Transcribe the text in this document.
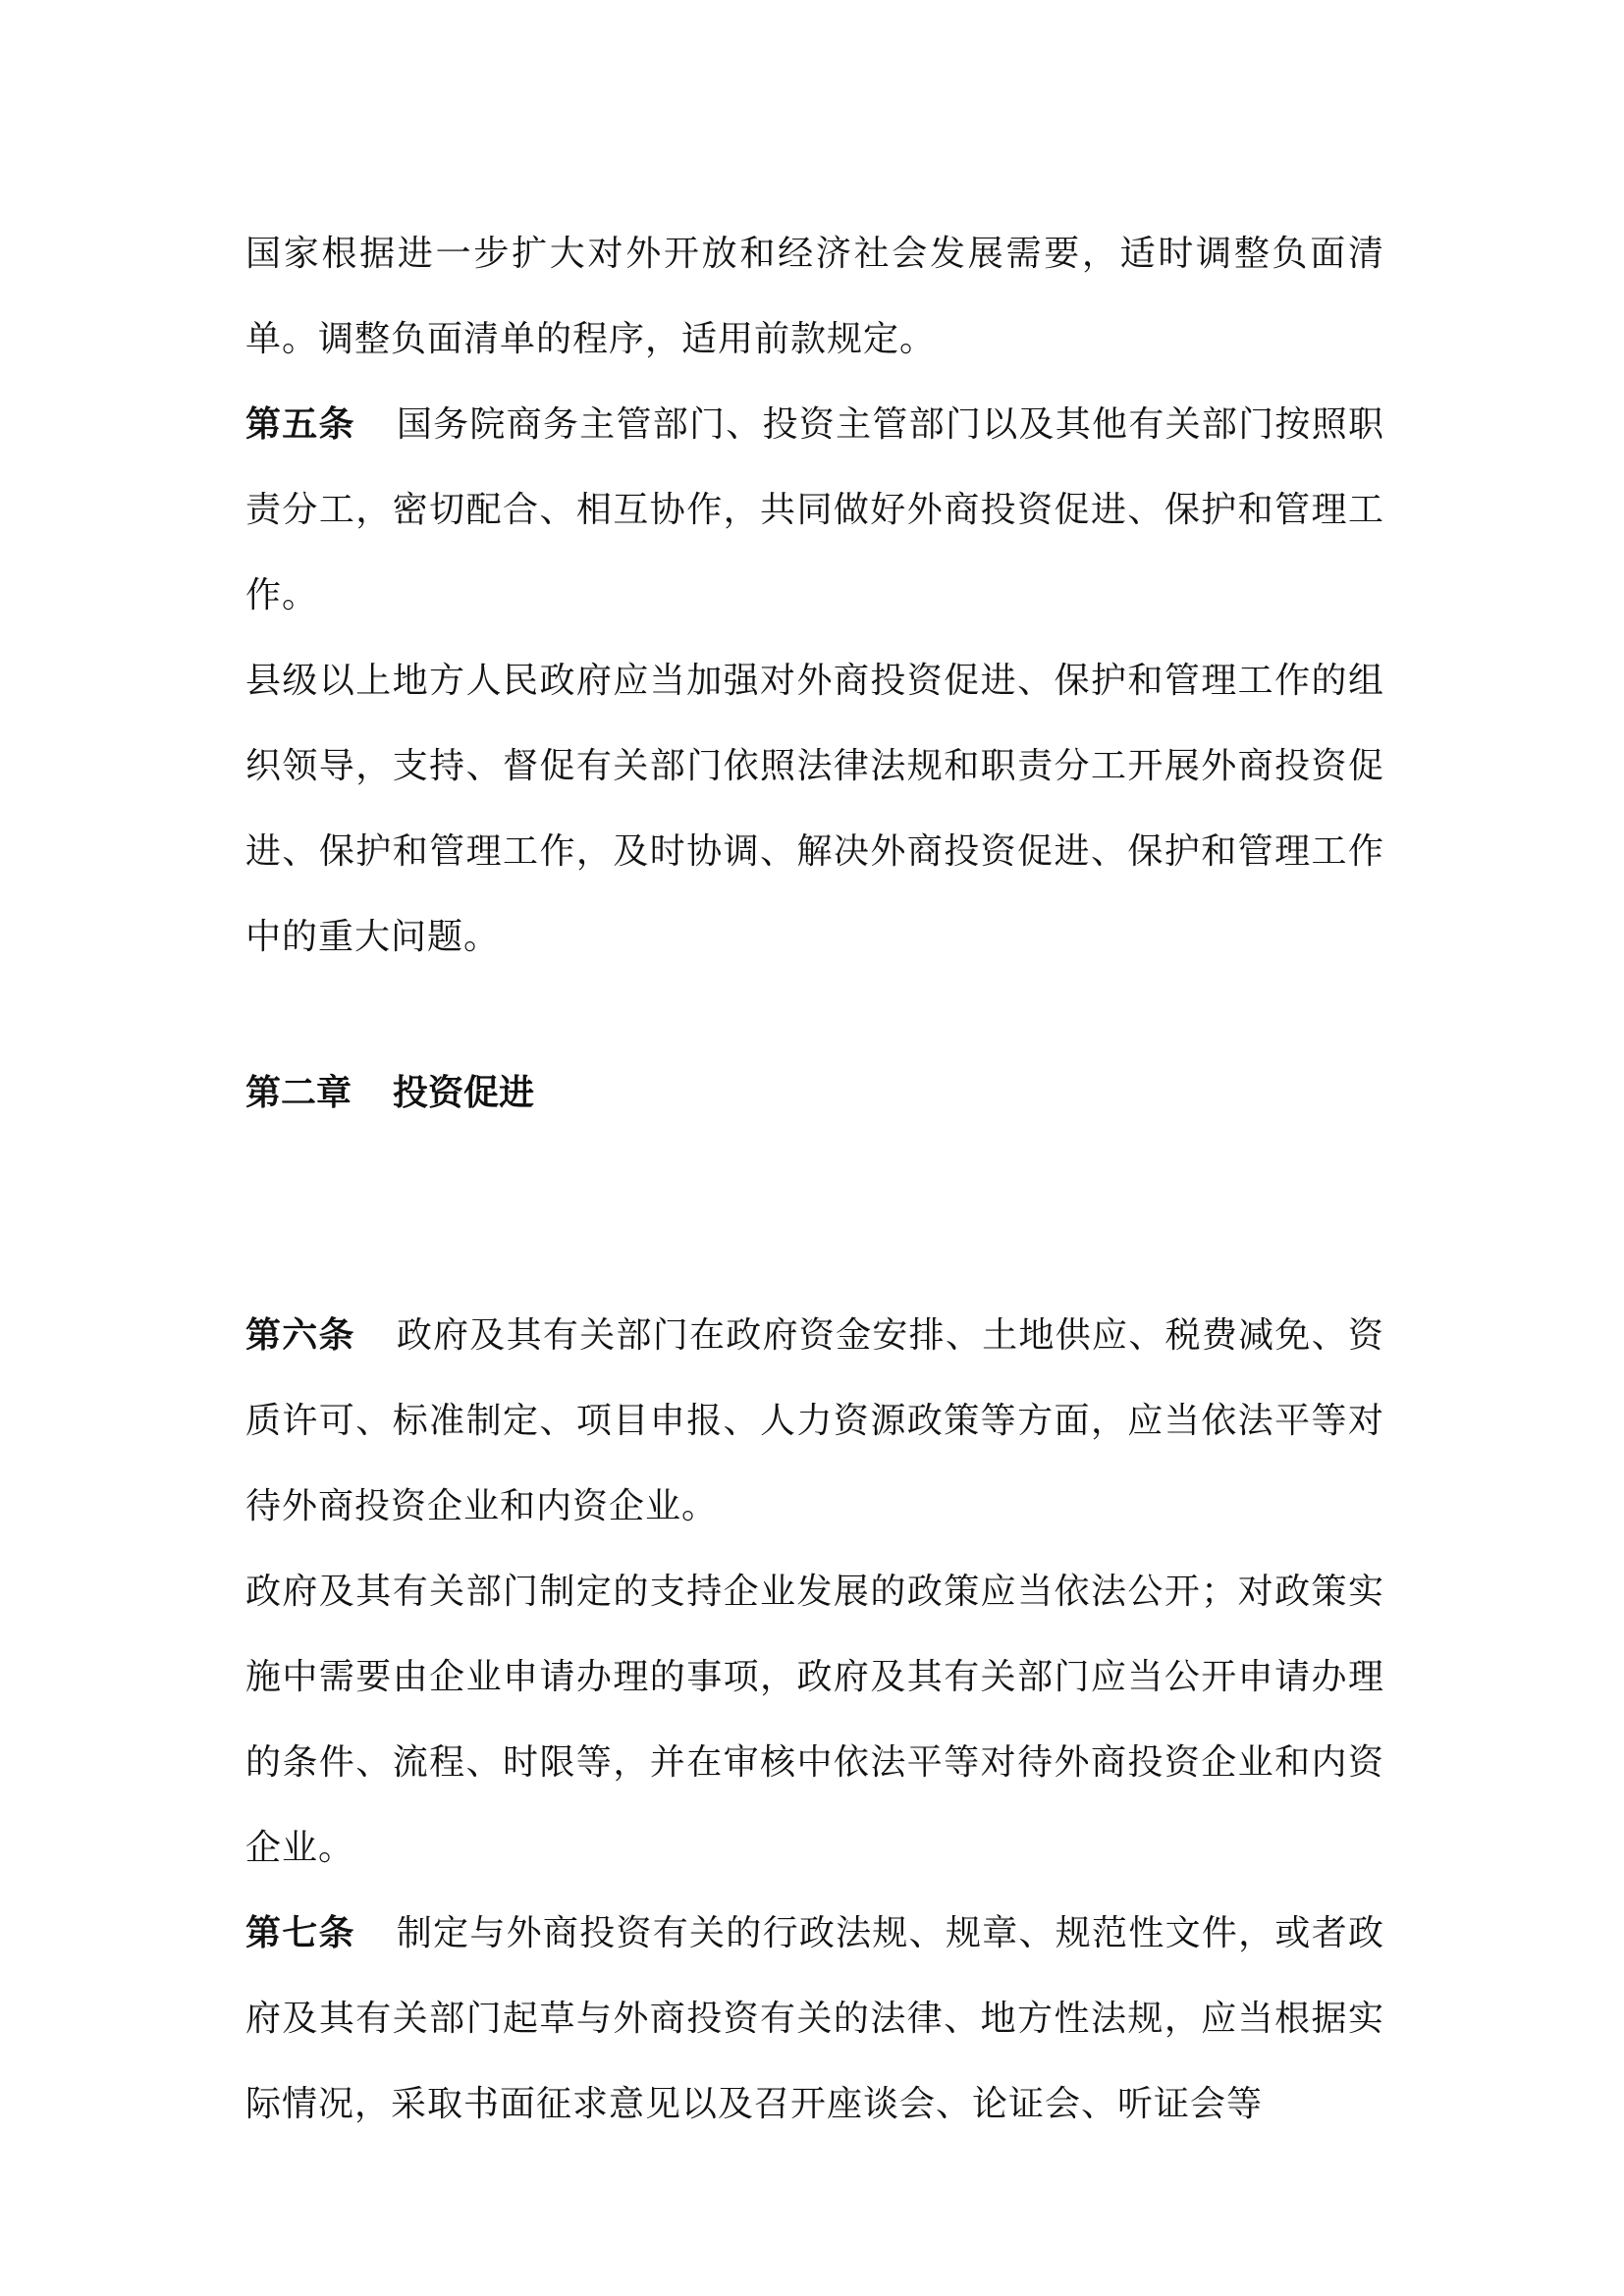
国家根据进一步扩大对外开放和经济社会发展需要，适时调整负面清单。调整负面清单的程序，适用前款规定。

第五条 国务院商务主管部门、投资主管部门以及其他有关部门按照职责分工，密切配合、相互协作，共同做好外商投资促进、保护和管理工作。

县级以上地方人民政府应当加强对外商投资促进、保护和管理工作的组织领导，支持、督促有关部门依照法律法规和职责分工开展外商投资促进、保护和管理工作，及时协调、解决外商投资促进、保护和管理工作中的重大问题。

第二章 投资促进

第六条 政府及其有关部门在政府资金安排、土地供应、税费减免、资质许可、标准制定、项目申报、人力资源政策等方面，应当依法平等对待外商投资企业和内资企业。

政府及其有关部门制定的支持企业发展的政策应当依法公开；对政策实施中需要由企业申请办理的事项，政府及其有关部门应当公开申请办理的条件、流程、时限等，并在审核中依法平等对待外商投资企业和内资企业。

第七条 制定与外商投资有关的行政法规、规章、规范性文件，或者政府及其有关部门起草与外商投资有关的法律、地方性法规，应当根据实际情况，采取书面征求意见以及召开座谈会、论证会、听证会等
